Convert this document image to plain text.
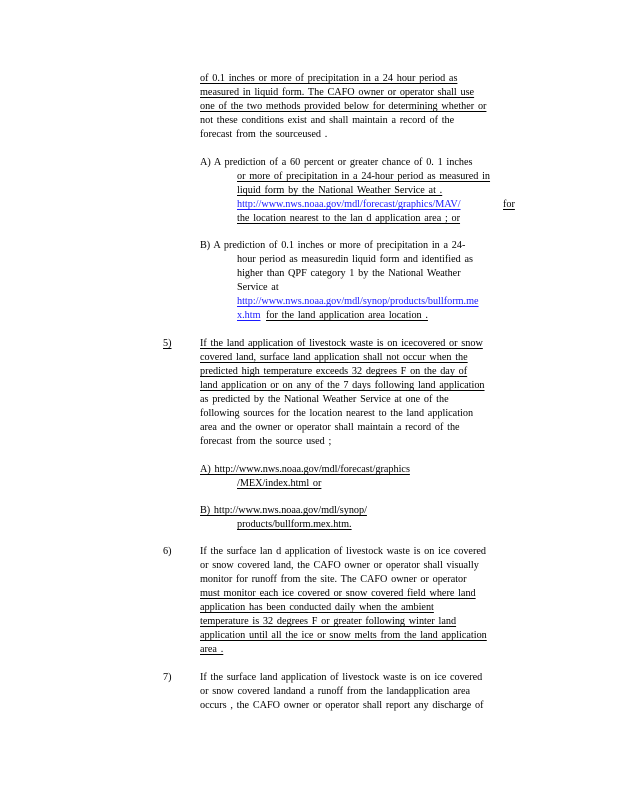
of 0.1 inches or more of precipitation in a 24 hour period as
measured in liquid form. The CAFO owner or operator shall use
one of the two methods provided below for determining whether or
not these conditions exist and shall maintain a record of the
forecast from the sourceused .
A) A prediction of a 60 percent or greater chance of 0. 1 inches
or more of precipitation in a 24-hour period as measured in
liquid form by the National Weather Service at .
http://www.nws.noaa.gov/mdl/forecast/graphics/MAV/	for
the location nearest to the lan d application area ; or
B) A prediction of 0.1 inches or more of precipitation in a 24-
hour period as measuredin liquid form and identified as
higher than QPF category 1 by the National Weather
Service at
http://www.nws.noaa.gov/mdl/synop/products/bullform.me
x.htm for the land application area location .
5)	If the land application of livestock waste is on icecovered or snow
covered land, surface land application shall not occur when the
predicted high temperature exceeds 32 degrees F on the day of
land application or on any of the 7 days following land application
as predicted by the National Weather Service at one of the
following sources for the location nearest to the land application
area and the owner or operator shall maintain a record of the
forecast from the source used ;
A) http://www.nws.noaa.gov/mdl/forecast/graphics
/MEX/index.html or
B) http://www.nws.noaa.gov/mdl/synop/
products/bullform.mex.htm.
6)	If the surface lan d application of livestock waste is on ice covered
or snow covered land, the CAFO owner or operator shall visually
monitor for runoff from the site. The CAFO owner or operator
must monitor each ice covered or snow covered field where land
application has been conducted daily when the ambient
temperature is 32 degrees F or greater following winter land
application until all the ice or snow melts from the land application
area .
7)	If the surface land application of livestock waste is on ice covered
or snow covered landand a runoff from the landapplication area
occurs , the CAFO owner or operator shall report any discharge of
